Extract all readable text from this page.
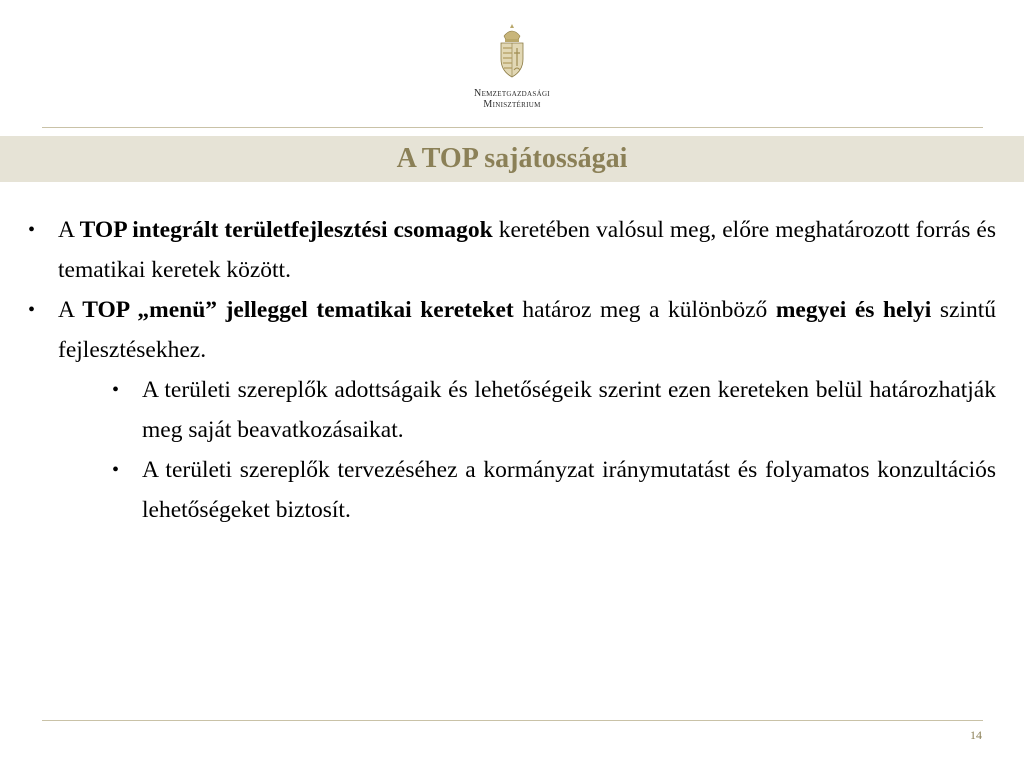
Nemzetgazdasági
Minisztérium
A TOP sajátosságai
• A TOP integrált területfejlesztési csomagok keretében valósul meg, előre meghatározott forrás és tematikai keretek között.
• A TOP „menü” jelleggel tematikai kereteket határoz meg a különböző megyei és helyi szintű fejlesztésekhez.
• A területi szereplők adottságaik és lehetőségeik szerint ezen kereteken belül határozhatják meg saját beavatkozásaikat.
• A területi szereplők tervezéséhez a kormányzat iránymutatást és folyamatos konzultációs lehetőségeket biztosít.
14
